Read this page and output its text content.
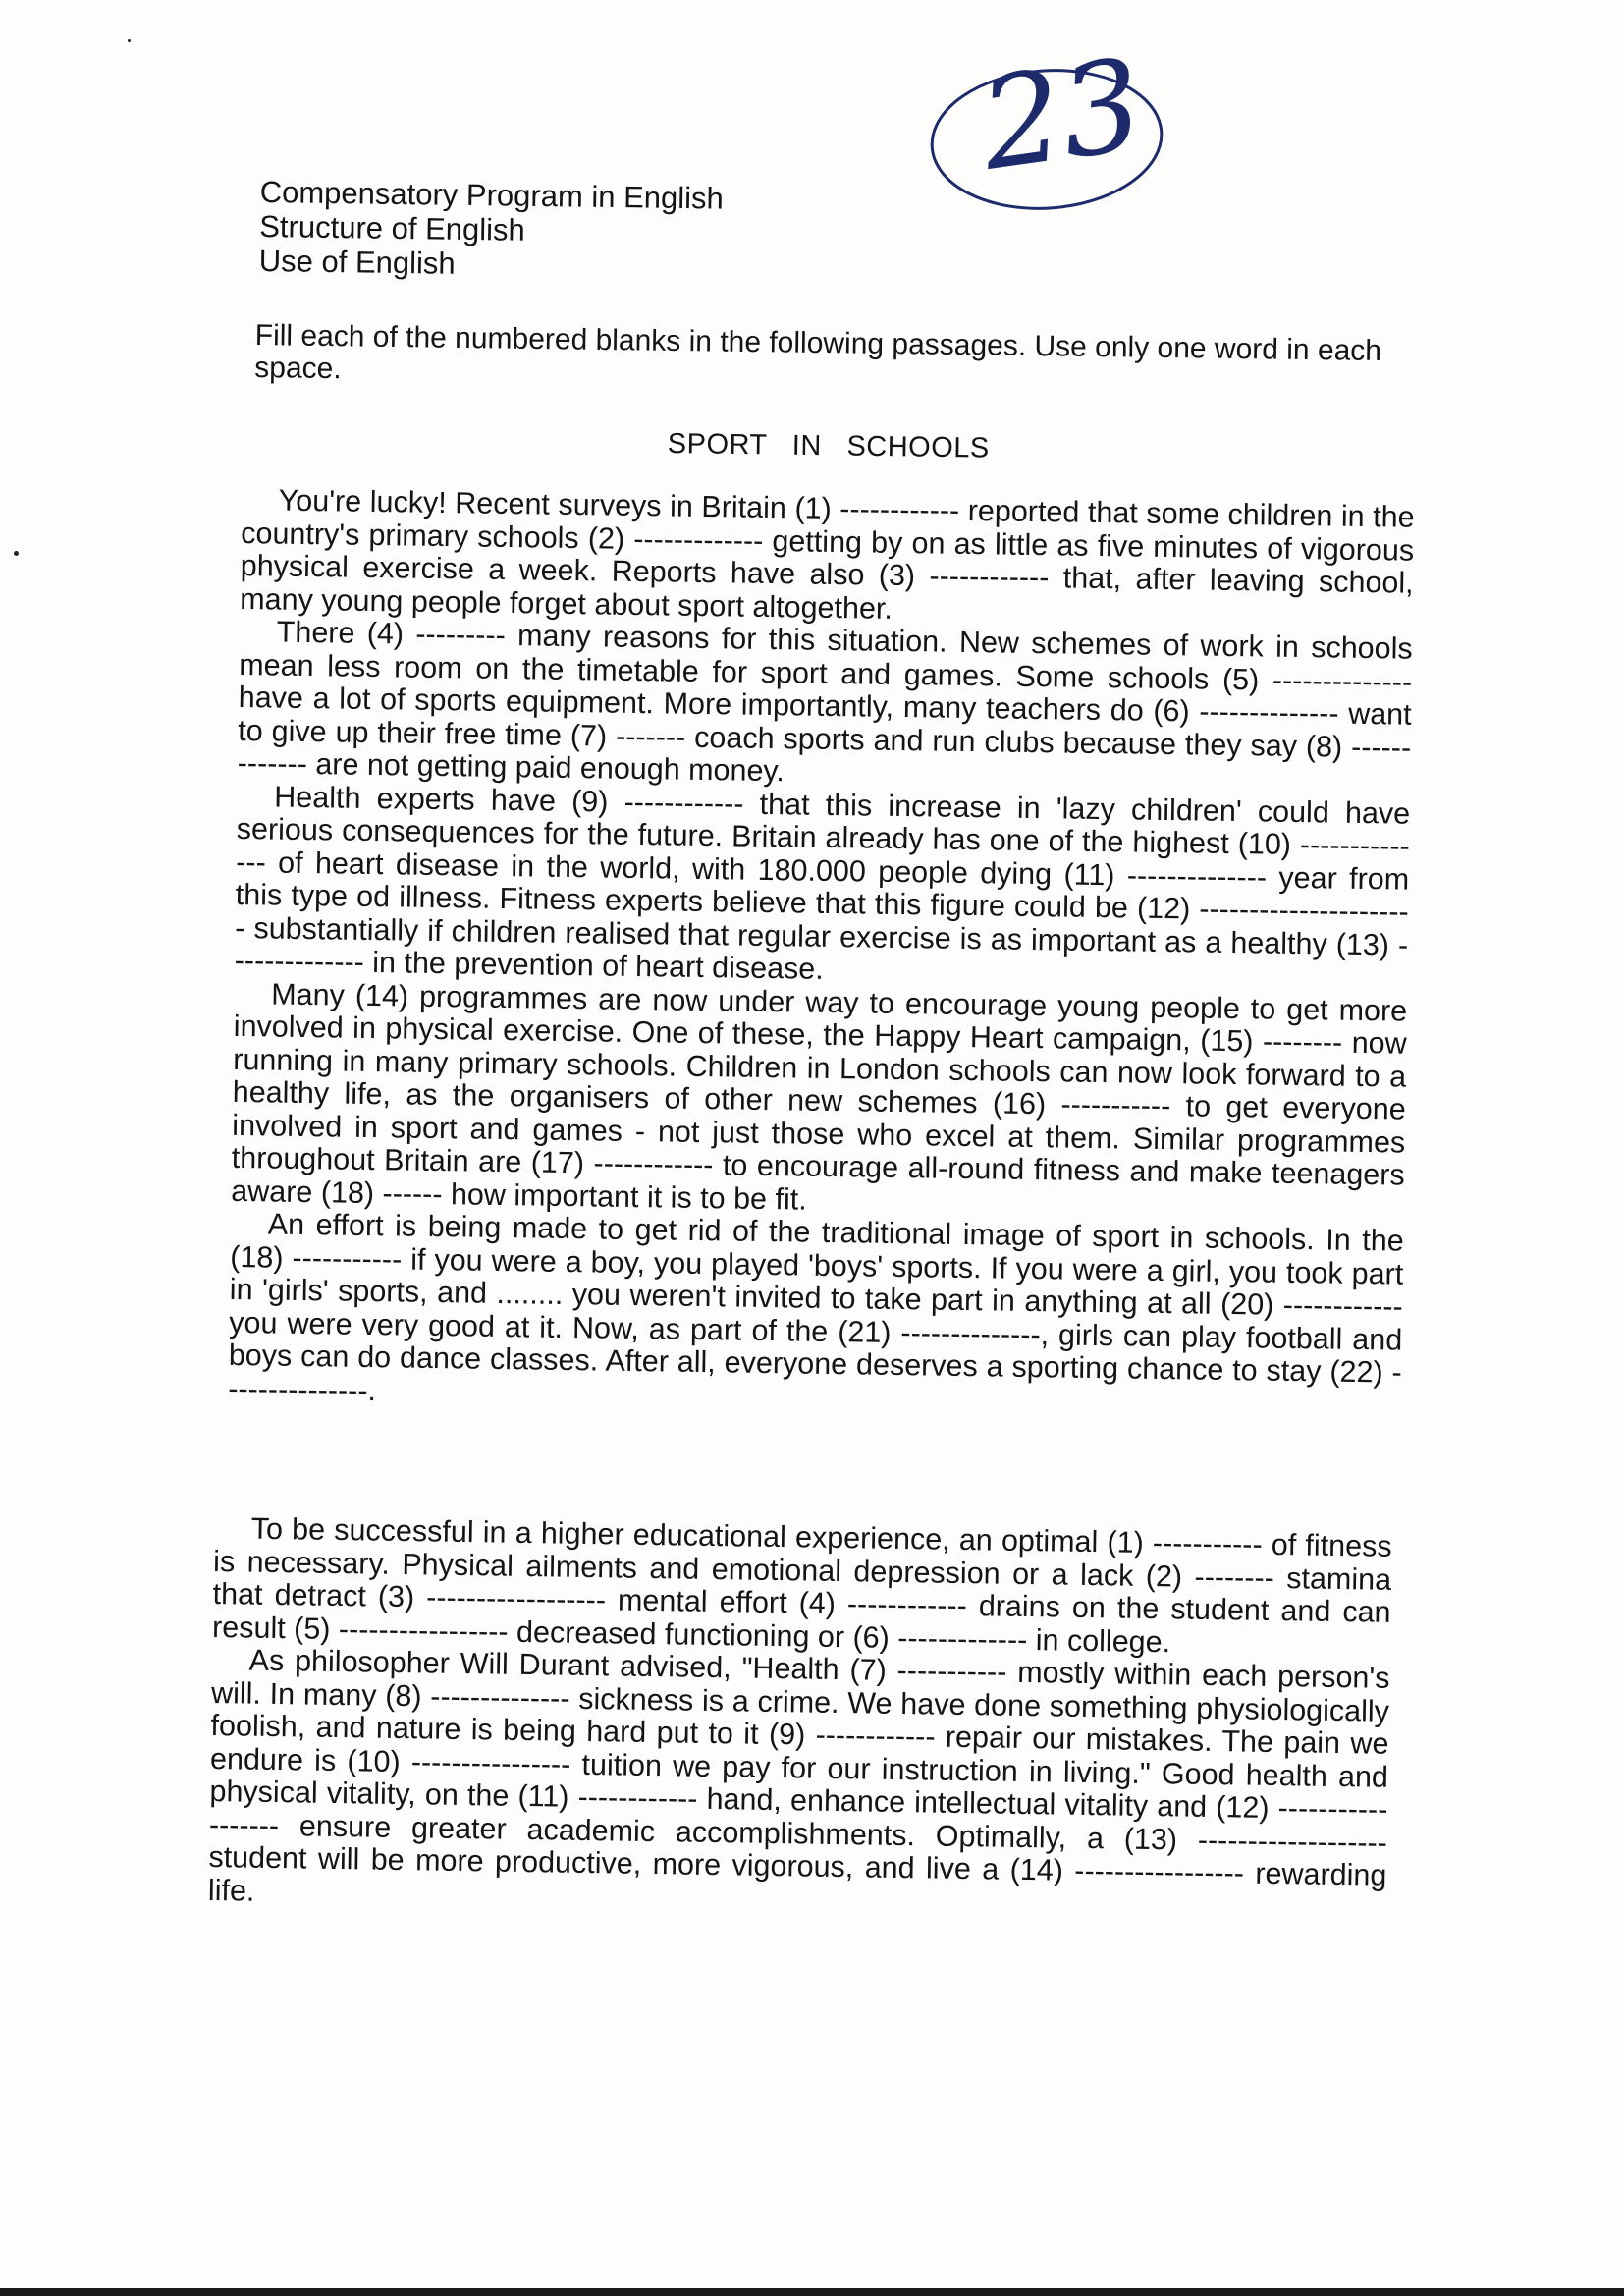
23
Compensatory Program in English
Structure of English
Use of English
Fill each of the numbered blanks in the following passages. Use only one word in each space.
SPORT   IN   SCHOOLS

You're lucky! Recent surveys in Britain (1) ------------ reported that some children in the country's primary schools (2) ------------- getting by on as little as five minutes of vigorous physical exercise a week. Reports have also (3) ------------ that, after leaving school, many young people forget about sport altogether.

There (4) --------- many reasons for this situation. New schemes of work in schools mean less room on the timetable for sport and games. Some schools (5) -------------- have a lot of sports equipment. More importantly, many teachers do (6) -------------- want to give up their free time (7) ------- coach sports and run clubs because they say (8) ------------- are not getting paid enough money.

Health experts have (9) ------------ that this increase in 'lazy children' could have serious consequences for the future. Britain already has one of the highest (10) -------------- of heart disease in the world, with 180.000 people dying (11) -------------- year from this type od illness. Fitness experts believe that this figure could be (12) ---------------------- substantially if children realised that regular exercise is as important as a healthy (13) -------------- in the prevention of heart disease.

Many (14) programmes are now under way to encourage young people to get more involved in physical exercise. One of these, the Happy Heart campaign, (15) -------- now running in many primary schools. Children in London schools can now look forward to a healthy life, as the organisers of other new schemes (16) ----------- to get everyone involved in sport and games - not just those who excel at them. Similar programmes throughout Britain are (17) ------------ to encourage all-round fitness and make teenagers aware (18) ------ how important it is to be fit.

An effort is being made to get rid of the traditional image of sport in schools. In the (18) ----------- if you were a boy, you played 'boys' sports. If you were a girl, you took part in 'girls' sports, and ........ you weren't invited to take part in anything at all (20) ------------ you were very good at it. Now, as part of the (21) --------------, girls can play football and boys can do dance classes. After all, everyone deserves a sporting chance to stay (22) ---------------.

To be successful in a higher educational experience, an optimal (1) ----------- of fitness is necessary. Physical ailments and emotional depression or a lack (2) -------- stamina that detract (3) ------------------ mental effort (4) ------------ drains on the student and can result (5) ----------------- decreased functioning or (6) ------------- in college.

As philosopher Will Durant advised, "Health (7) ----------- mostly within each person's will. In many (8) -------------- sickness is a crime. We have done something physiologically foolish, and nature is being hard put to it (9) ------------ repair our mistakes. The pain we endure is (10) ---------------- tuition we pay for our instruction in living." Good health and physical vitality, on the (11) ------------ hand, enhance intellectual vitality and (12) ------------------ ensure greater academic accomplishments. Optimally, a (13) ------------------- student will be more productive, more vigorous, and live a (14) ----------------- rewarding life.
